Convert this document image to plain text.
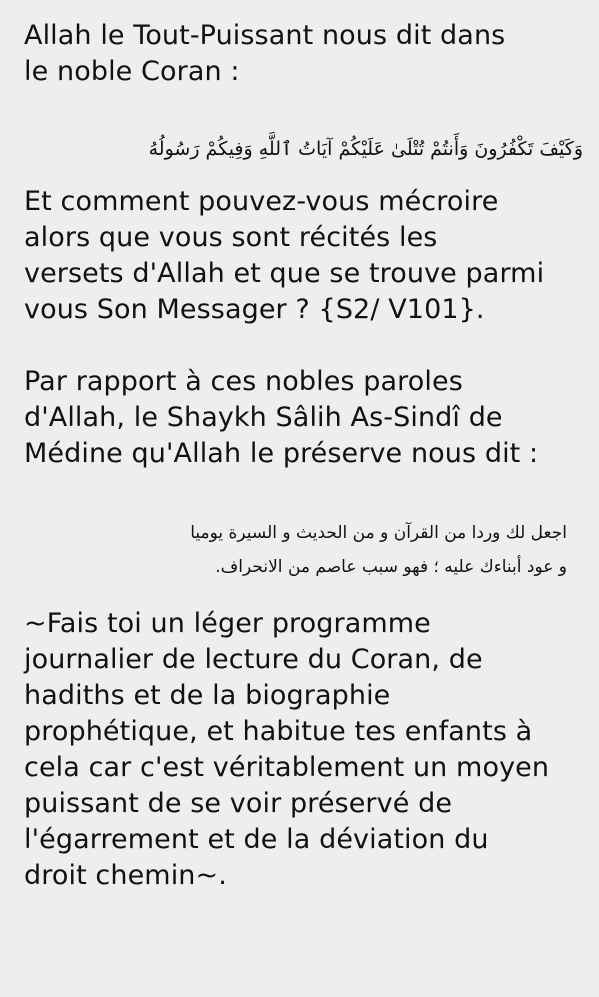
Allah le Tout-Puissant nous dit dans
le noble Coran :

وَكَيْفَ تَكْفُرُونَ وَأَنتُمْ تُتْلَىٰ عَلَيْكُمْ آيَاتُ ٱللَّهِ وَفِيكُمْ رَسُولُهُ

Et comment pouvez-vous mécroire
alors que vous sont récités les
versets d'Allah et que se trouve parmi
vous Son Messager ? {S2/ V101}.

Par rapport à ces nobles paroles
d'Allah, le Shaykh Sâlih As-Sindî de
Médine qu'Allah le préserve nous dit :

اجعل لك وردا من القرآن و من الحديث و السيرة يوميا
و عود أبناءك عليه ؛ فهو سبب عاصم من الانحراف.

~Fais toi un léger programme
journalier de lecture du Coran, de
hadiths et de la biographie
prophétique, et habitue tes enfants à
cela car c'est véritablement un moyen
puissant de se voir préservé de
l'égarrement et de la déviation du
droit chemin~.
